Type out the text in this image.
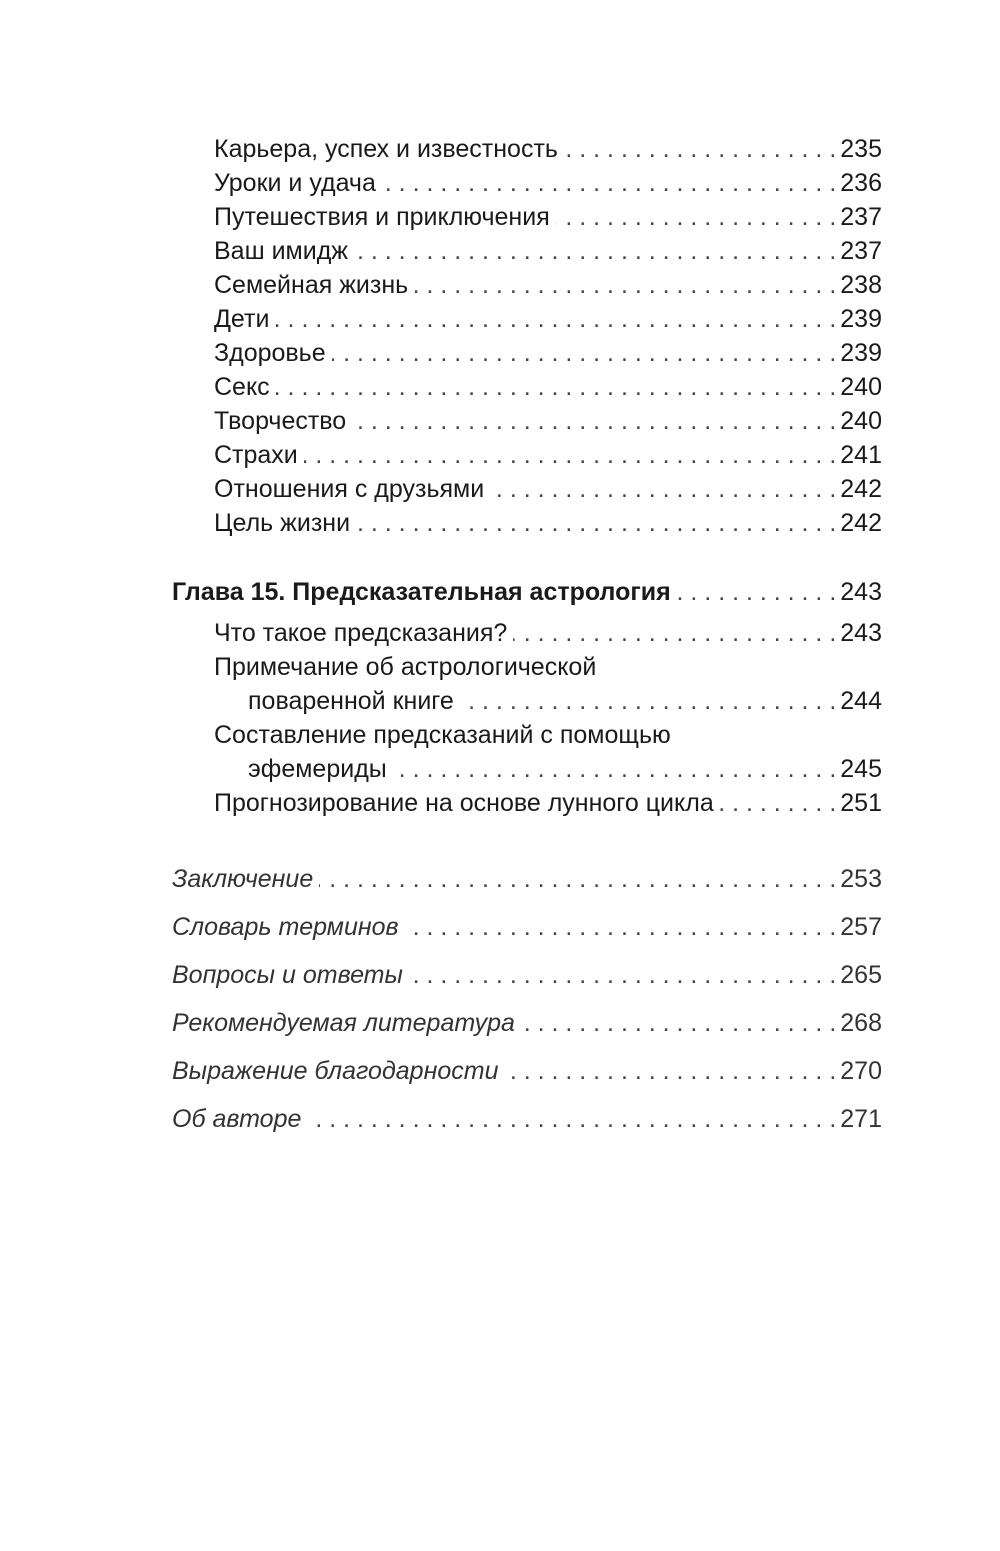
Карьера, успех и известность . . .	235
Уроки и удача . . .	236
Путешествия и приключения . . .	237
Ваш имидж . . .	237
Семейная жизнь . . .	238
Дети . . .	239
Здоровье . . .	239
Секс . . .	240
Творчество . . .	240
Страхи . . .	241
Отношения с друзьями . . .	242
Цель жизни . . .	242
Глава 15. Предсказательная астрология . . .	243
Что такое предсказания? . . .	243
Примечание об астрологической
поваренной книге . . .	244
Составление предсказаний с помощью
эфемериды . . .	245
Прогнозирование на основе лунного цикла . . .	251
Заключение . . .	253
Словарь терминов . . .	257
Вопросы и ответы . . .	265
Рекомендуемая литература . . .	268
Выражение благодарности . . .	270
Об авторе . . .	271
